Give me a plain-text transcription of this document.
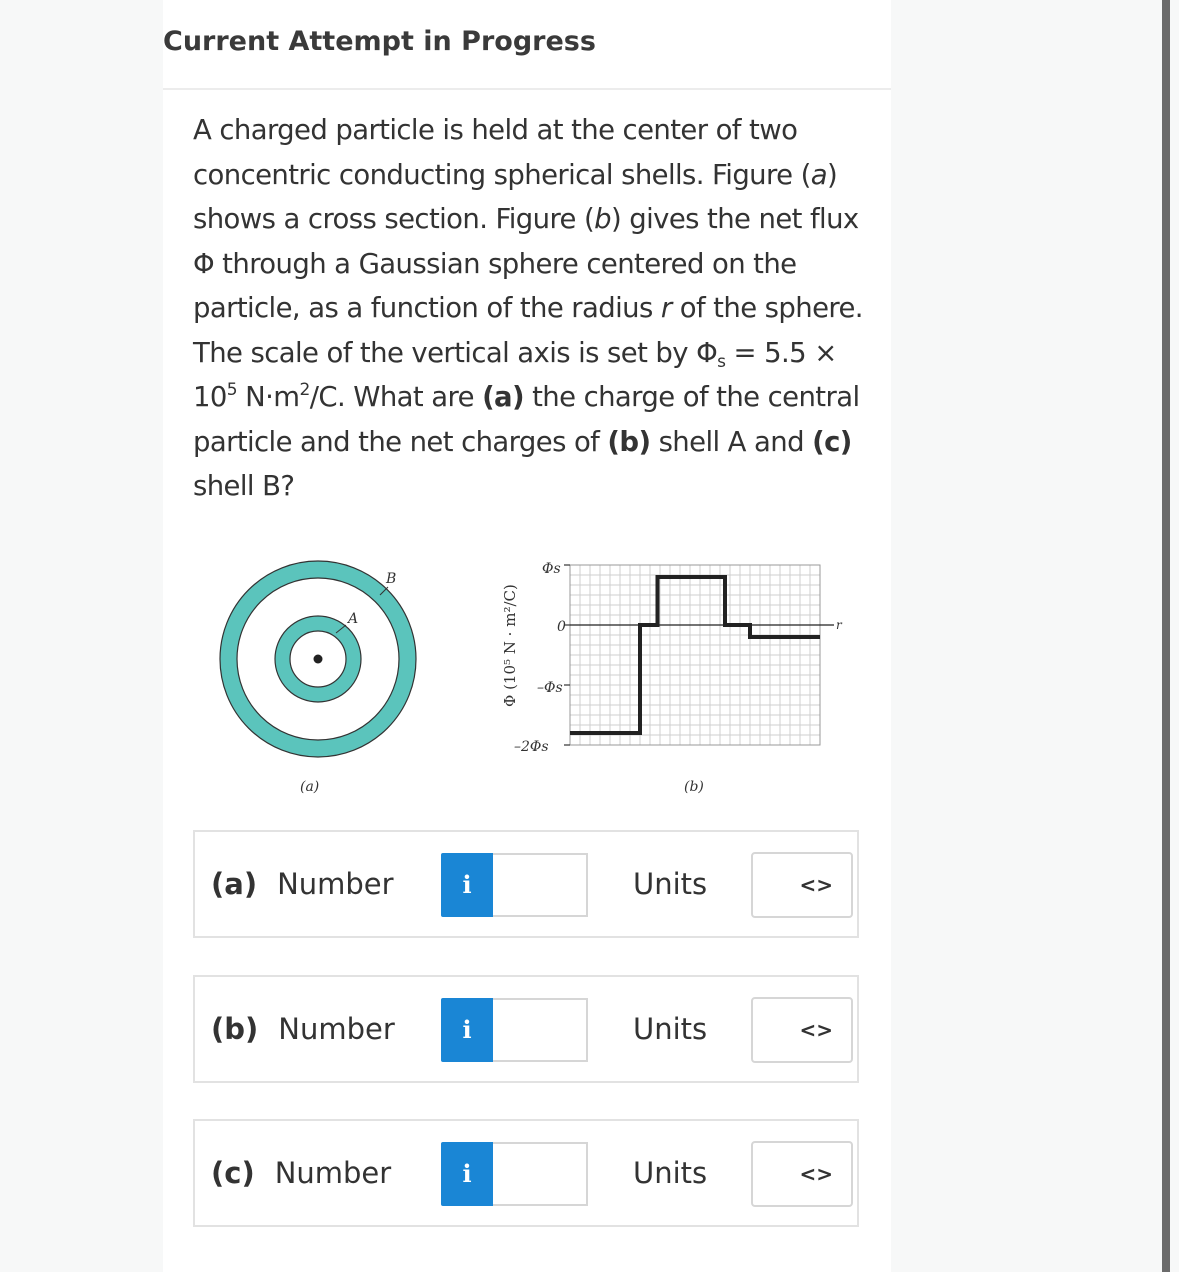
Current Attempt in Progress
A charged particle is held at the center of two concentric conducting spherical shells. Figure (a) shows a cross section. Figure (b) gives the net flux Φ through a Gaussian sphere centered on the particle, as a function of the radius r of the sphere. The scale of the vertical axis is set by $\Phi_s = 5.5 \times 10^5$ $N\cdot m^2/C$. What are (a) the charge of the central particle and the net charges of (b) shell A and (c) shell B?
A
B
(a)
Φ (10⁵ N · m²/C)
Φs
0
–Φs
–2Φs
r
(b)
(a) Number	i	Units	<>
(b) Number	i	Units	<>
(c) Number	i	Units	<>
